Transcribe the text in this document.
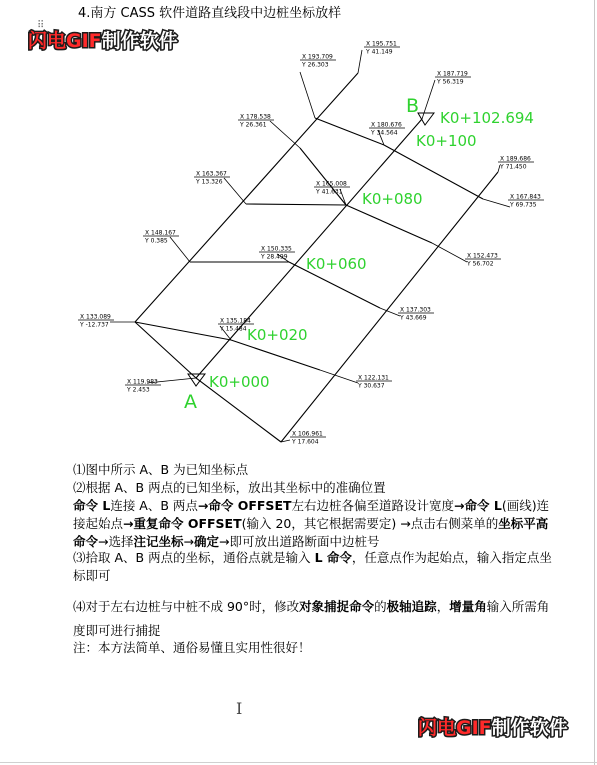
4.南方 CASS 软件道路直线段中边桩坐标放样
⠿
闪电GIF制作软件	X 195.751
Y 41.149
X 193.709
Y 26.303
X 187.719
Y 56.319
X 180.676
Y 34.564
X 178.538
Y 26.361
X 189.686
Y 71.450
X 163.367
Y 13.326	X 165.008
Y 41.631
X 167.843
Y 69.735
X 148.167
Y 0.385
X 150.335
Y 28.499	X 152.473
Y 56.702
X 133.089
Y -12.737
X 135.184
Y 15.484
X 137.303
Y 43.669
X 119.983
Y 2.453
X 122.131
Y 30.637
X 106.961
Y 17.604
K0+000
K0+020
K0+060
K0+080
K0+100
K0+102.694
A
B
⑴图中所示 A、B 为已知坐标点
⑵根据 A、B 两点的已知坐标，放出其坐标中的准确位置
命令 L连接 A、B 两点→命令 OFFSET左右边桩各偏至道路设计宽度→命令 L(画线)连接起始点→重复命令 OFFSET(输入 20，其它根据需要定) →点击右侧菜单的坐标平高命令→选择注记坐标→确定→即可放出道路断面中边桩号
⑶拾取 A、B 两点的坐标，通俗点就是输入 L 命令，任意点作为起始点，输入指定点坐标即可
⑷对于左右边桩与中桩不成 90°时，修改对象捕捉命令的极轴追踪，增量角输入所需角度即可进行捕捉
注：本方法简单、通俗易懂且实用性很好！
I
闪电GIF制作软件
